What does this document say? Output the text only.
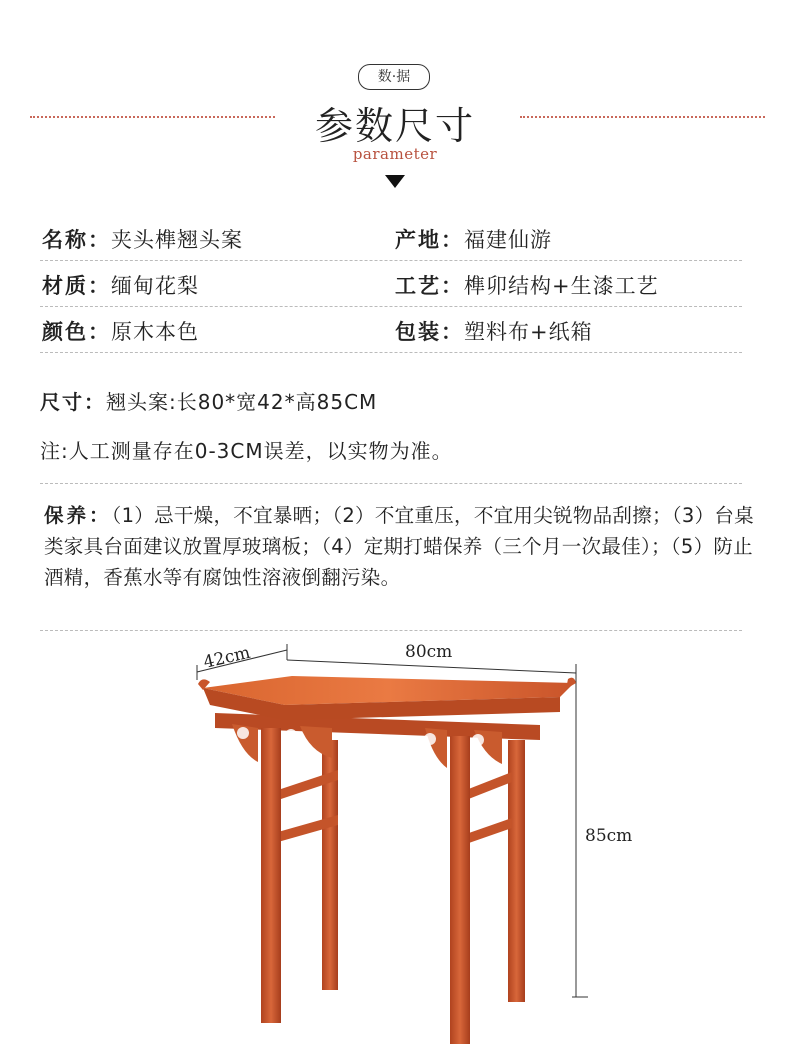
数·据
参数尺寸
parameter
名称：夹头榫翘头案	产地：福建仙游
材质：缅甸花梨	工艺：榫卯结构+生漆工艺
颜色：原木本色	包装：塑料布+纸箱
尺寸：翘头案:长80*宽42*高85CM
注:人工测量存在0-3CM误差，以实物为准。
保养：（1）忌干燥，不宜暴晒；（2）不宜重压，不宜用尖锐物品刮擦；（3）台桌类家具台面建议放置厚玻璃板；（4）定期打蜡保养（三个月一次最佳）；（5）防止酒精，香蕉水等有腐蚀性溶液倒翻污染。
42cm	80cm
85cm
